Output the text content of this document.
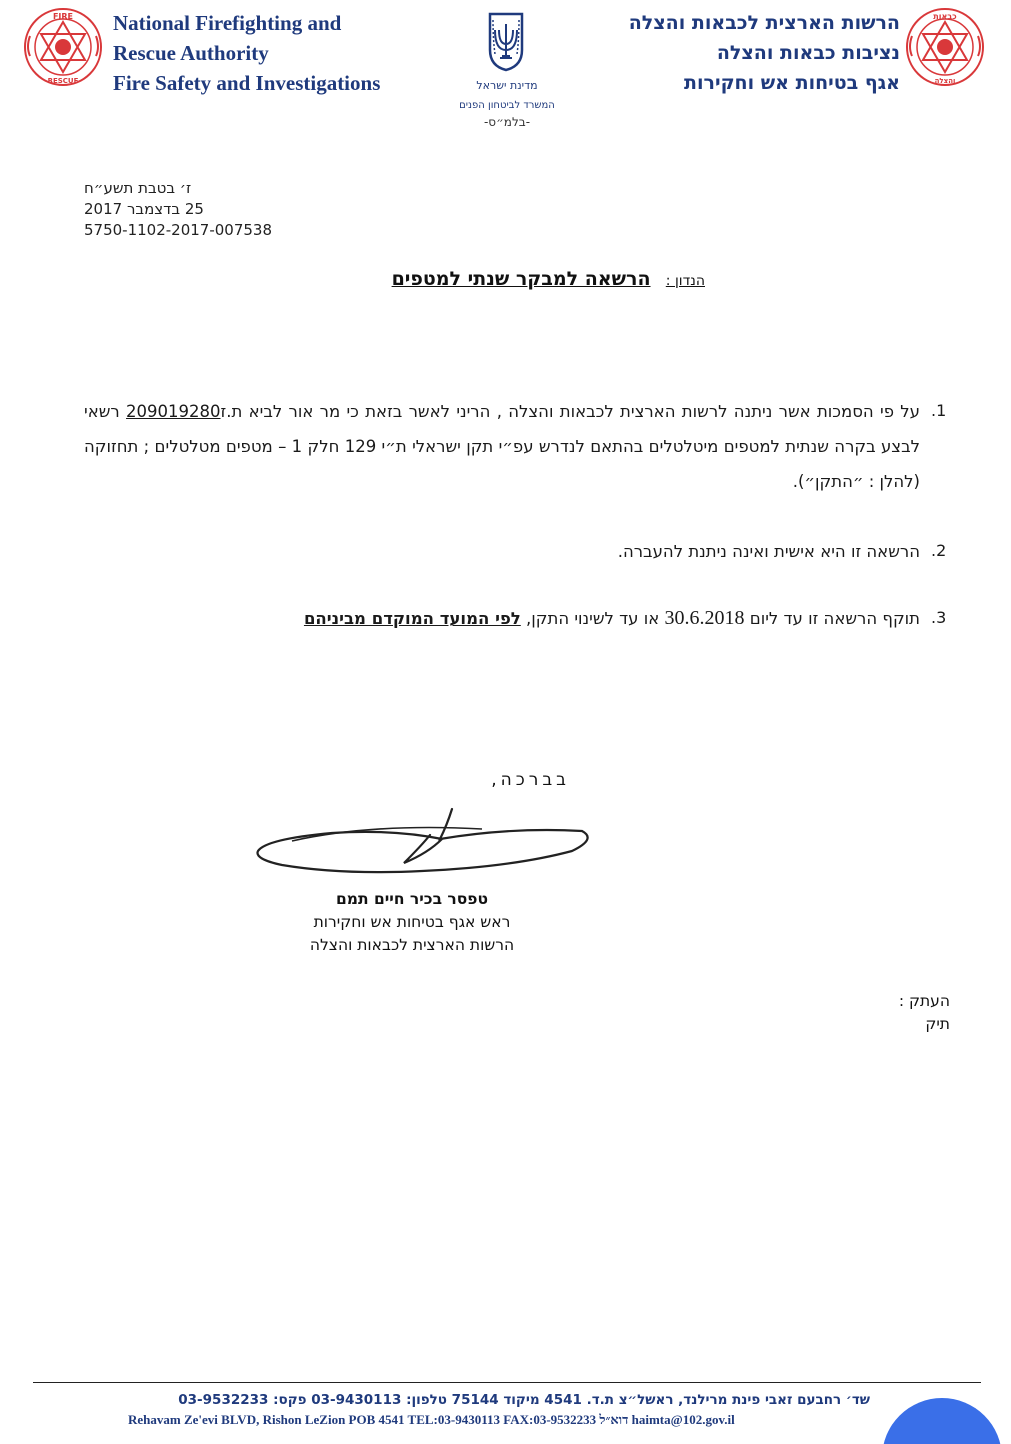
FIRE
RESCUE
National Firefighting and
Rescue Authority
Fire Safety and Investigations	מדינת ישראל
המשרד לביטחון הפנים
-בלמ״ס-
הרשות הארצית לכבאות והצלה
נציבות כבאות והצלה
אגף בטיחות אש וחקירות
כבאות
והצלה
ז׳ בטבת תשע״ח
25 בדצמבר 2017
5750-1102-2017-007538
הנדון :   הרשאה למבקר שנתי למטפים
.1
על פי הסמכות אשר ניתנה לרשות הארצית לכבאות והצלה , הריני לאשר בזאת כי מר אור לביא ת.ז209019280 רשאי לבצע בקרה שנתית למטפים מיטלטלים בהתאם לנדרש עפ״י תקן ישראלי ת״י 129 חלק 1 – מטפים מטלטלים ; תחזוקה (להלן : ״התקן״).
.2
הרשאה זו היא אישית ואינה ניתנת להעברה.
.3
תוקף הרשאה זו עד ליום 30.6.2018 או עד לשינוי התקן, לפי המועד המוקדם מביניהם
בברכה,
טפסר בכיר חיים תמם
ראש אגף בטיחות אש וחקירות
הרשות הארצית לכבאות והצלה
העתק :
תיק
שד׳ רחבעם זאבי פינת מרילנד, ראשל״צ ת.ד. 4541 מיקוד 75144 טלפון: 03-9430113 פקס: 03-9532233
Rehavam Ze'evi BLVD, Rishon LeZion POB 4541 TEL:03-9430113 FAX:03-9532233 דוא״ל haimta@102.gov.il
